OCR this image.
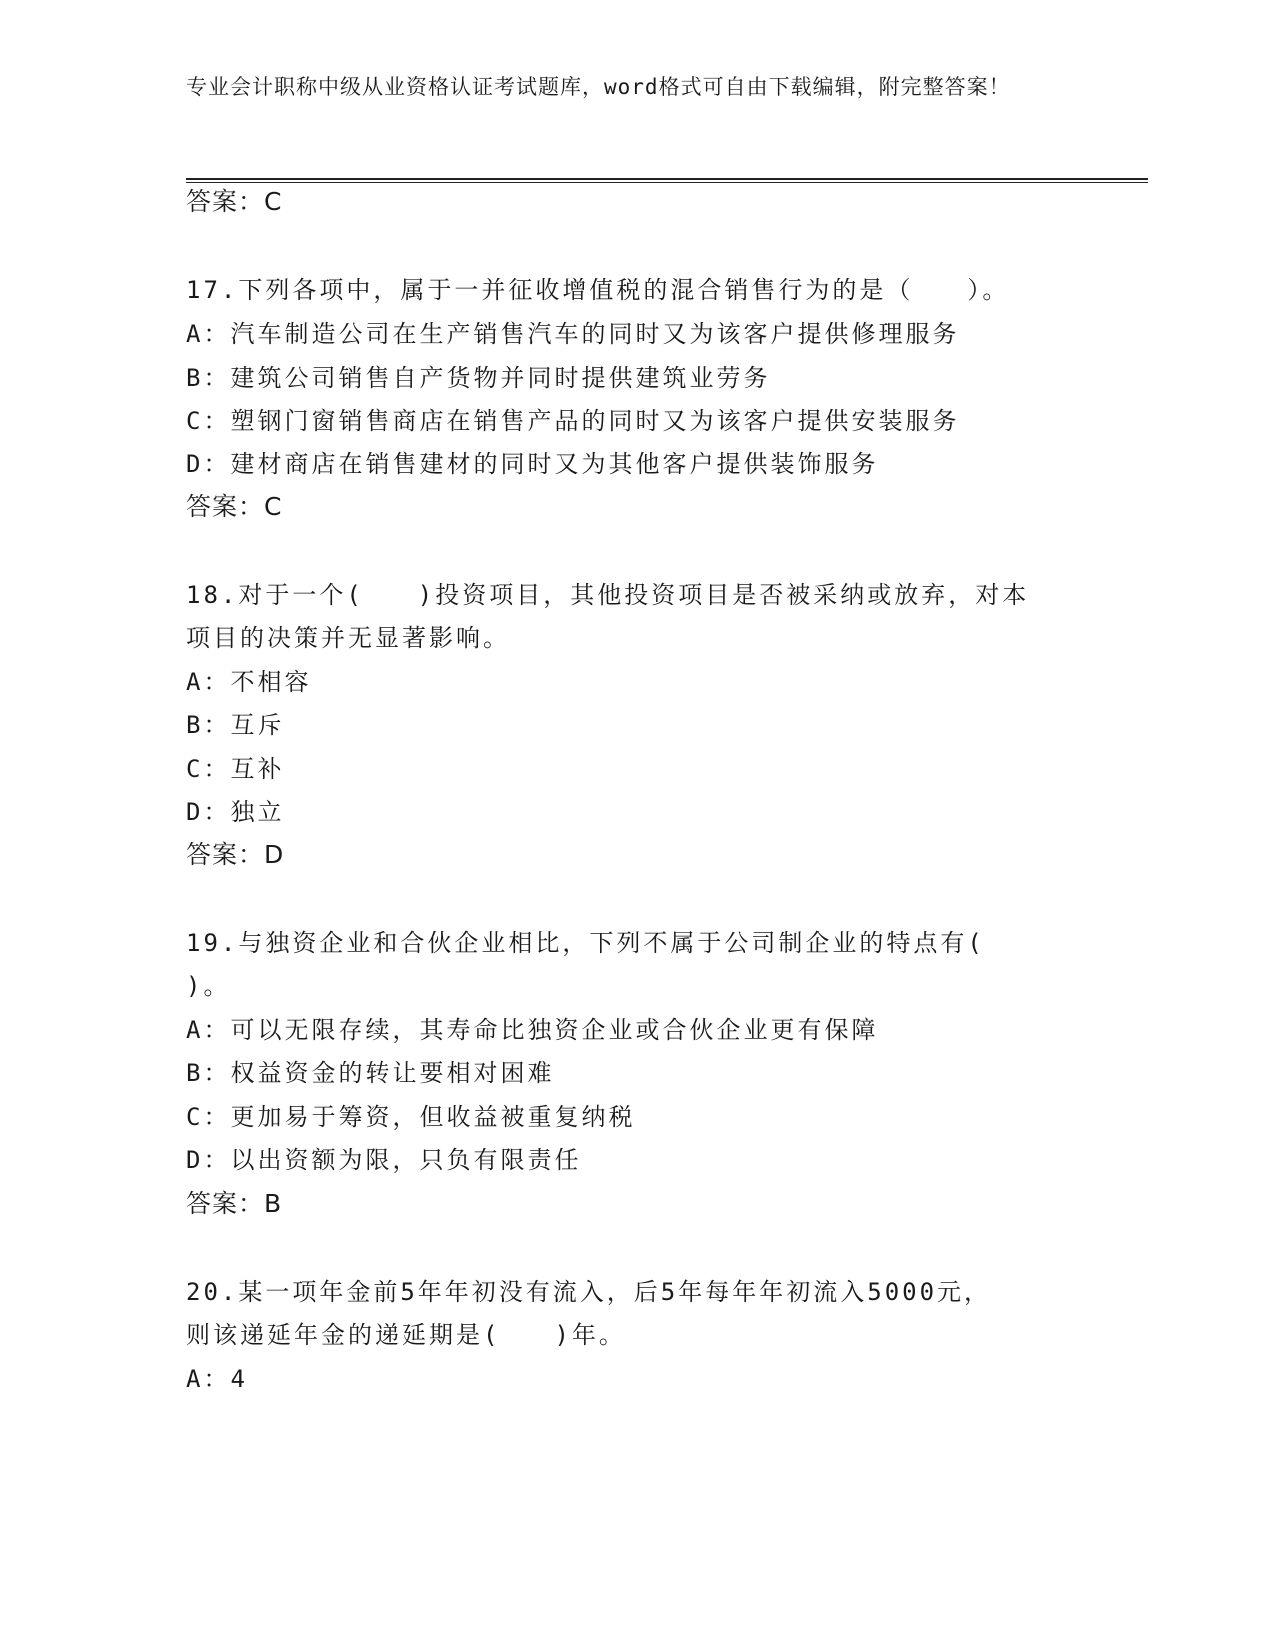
专业会计职称中级从业资格认证考试题库，word格式可自由下载编辑，附完整答案！
答案：C
17.下列各项中，属于一并征收增值税的混合销售行为的是（　　）。
A：汽车制造公司在生产销售汽车的同时又为该客户提供修理服务
B：建筑公司销售自产货物并同时提供建筑业劳务
C：塑钢门窗销售商店在销售产品的同时又为该客户提供安装服务
D：建材商店在销售建材的同时又为其他客户提供装饰服务
答案：C
18.对于一个(　　)投资项目，其他投资项目是否被采纳或放弃，对本
项目的决策并无显著影响。
A：不相容
B：互斥
C：互补
D：独立
答案：D
19.与独资企业和合伙企业相比，下列不属于公司制企业的特点有(
)。
A：可以无限存续，其寿命比独资企业或合伙企业更有保障
B：权益资金的转让要相对困难
C：更加易于筹资，但收益被重复纳税
D：以出资额为限，只负有限责任
答案：B
20.某一项年金前5年年初没有流入，后5年每年年初流入5000元，
则该递延年金的递延期是(　　)年。
A：4
